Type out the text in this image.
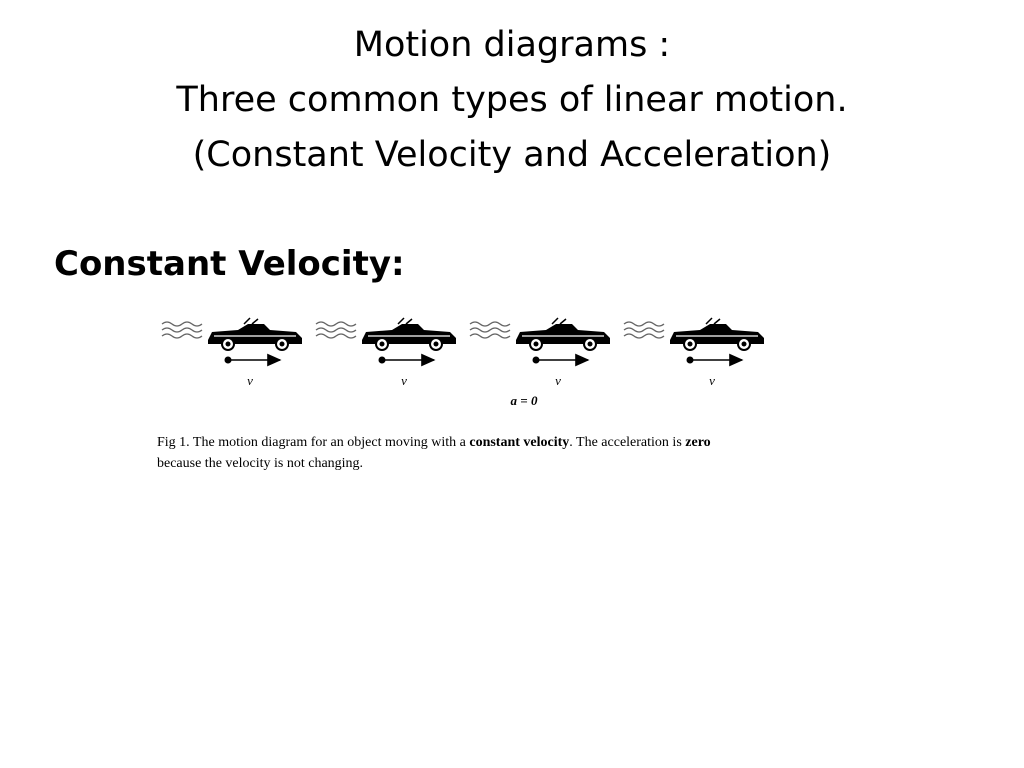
Motion diagrams :
Three common types of linear motion.
(Constant Velocity and Acceleration)
Constant Velocity:
v	v	v	v
a = 0
Fig 1. The motion diagram for an object moving with a constant velocity. The acceleration is zero
because the velocity is not changing.
